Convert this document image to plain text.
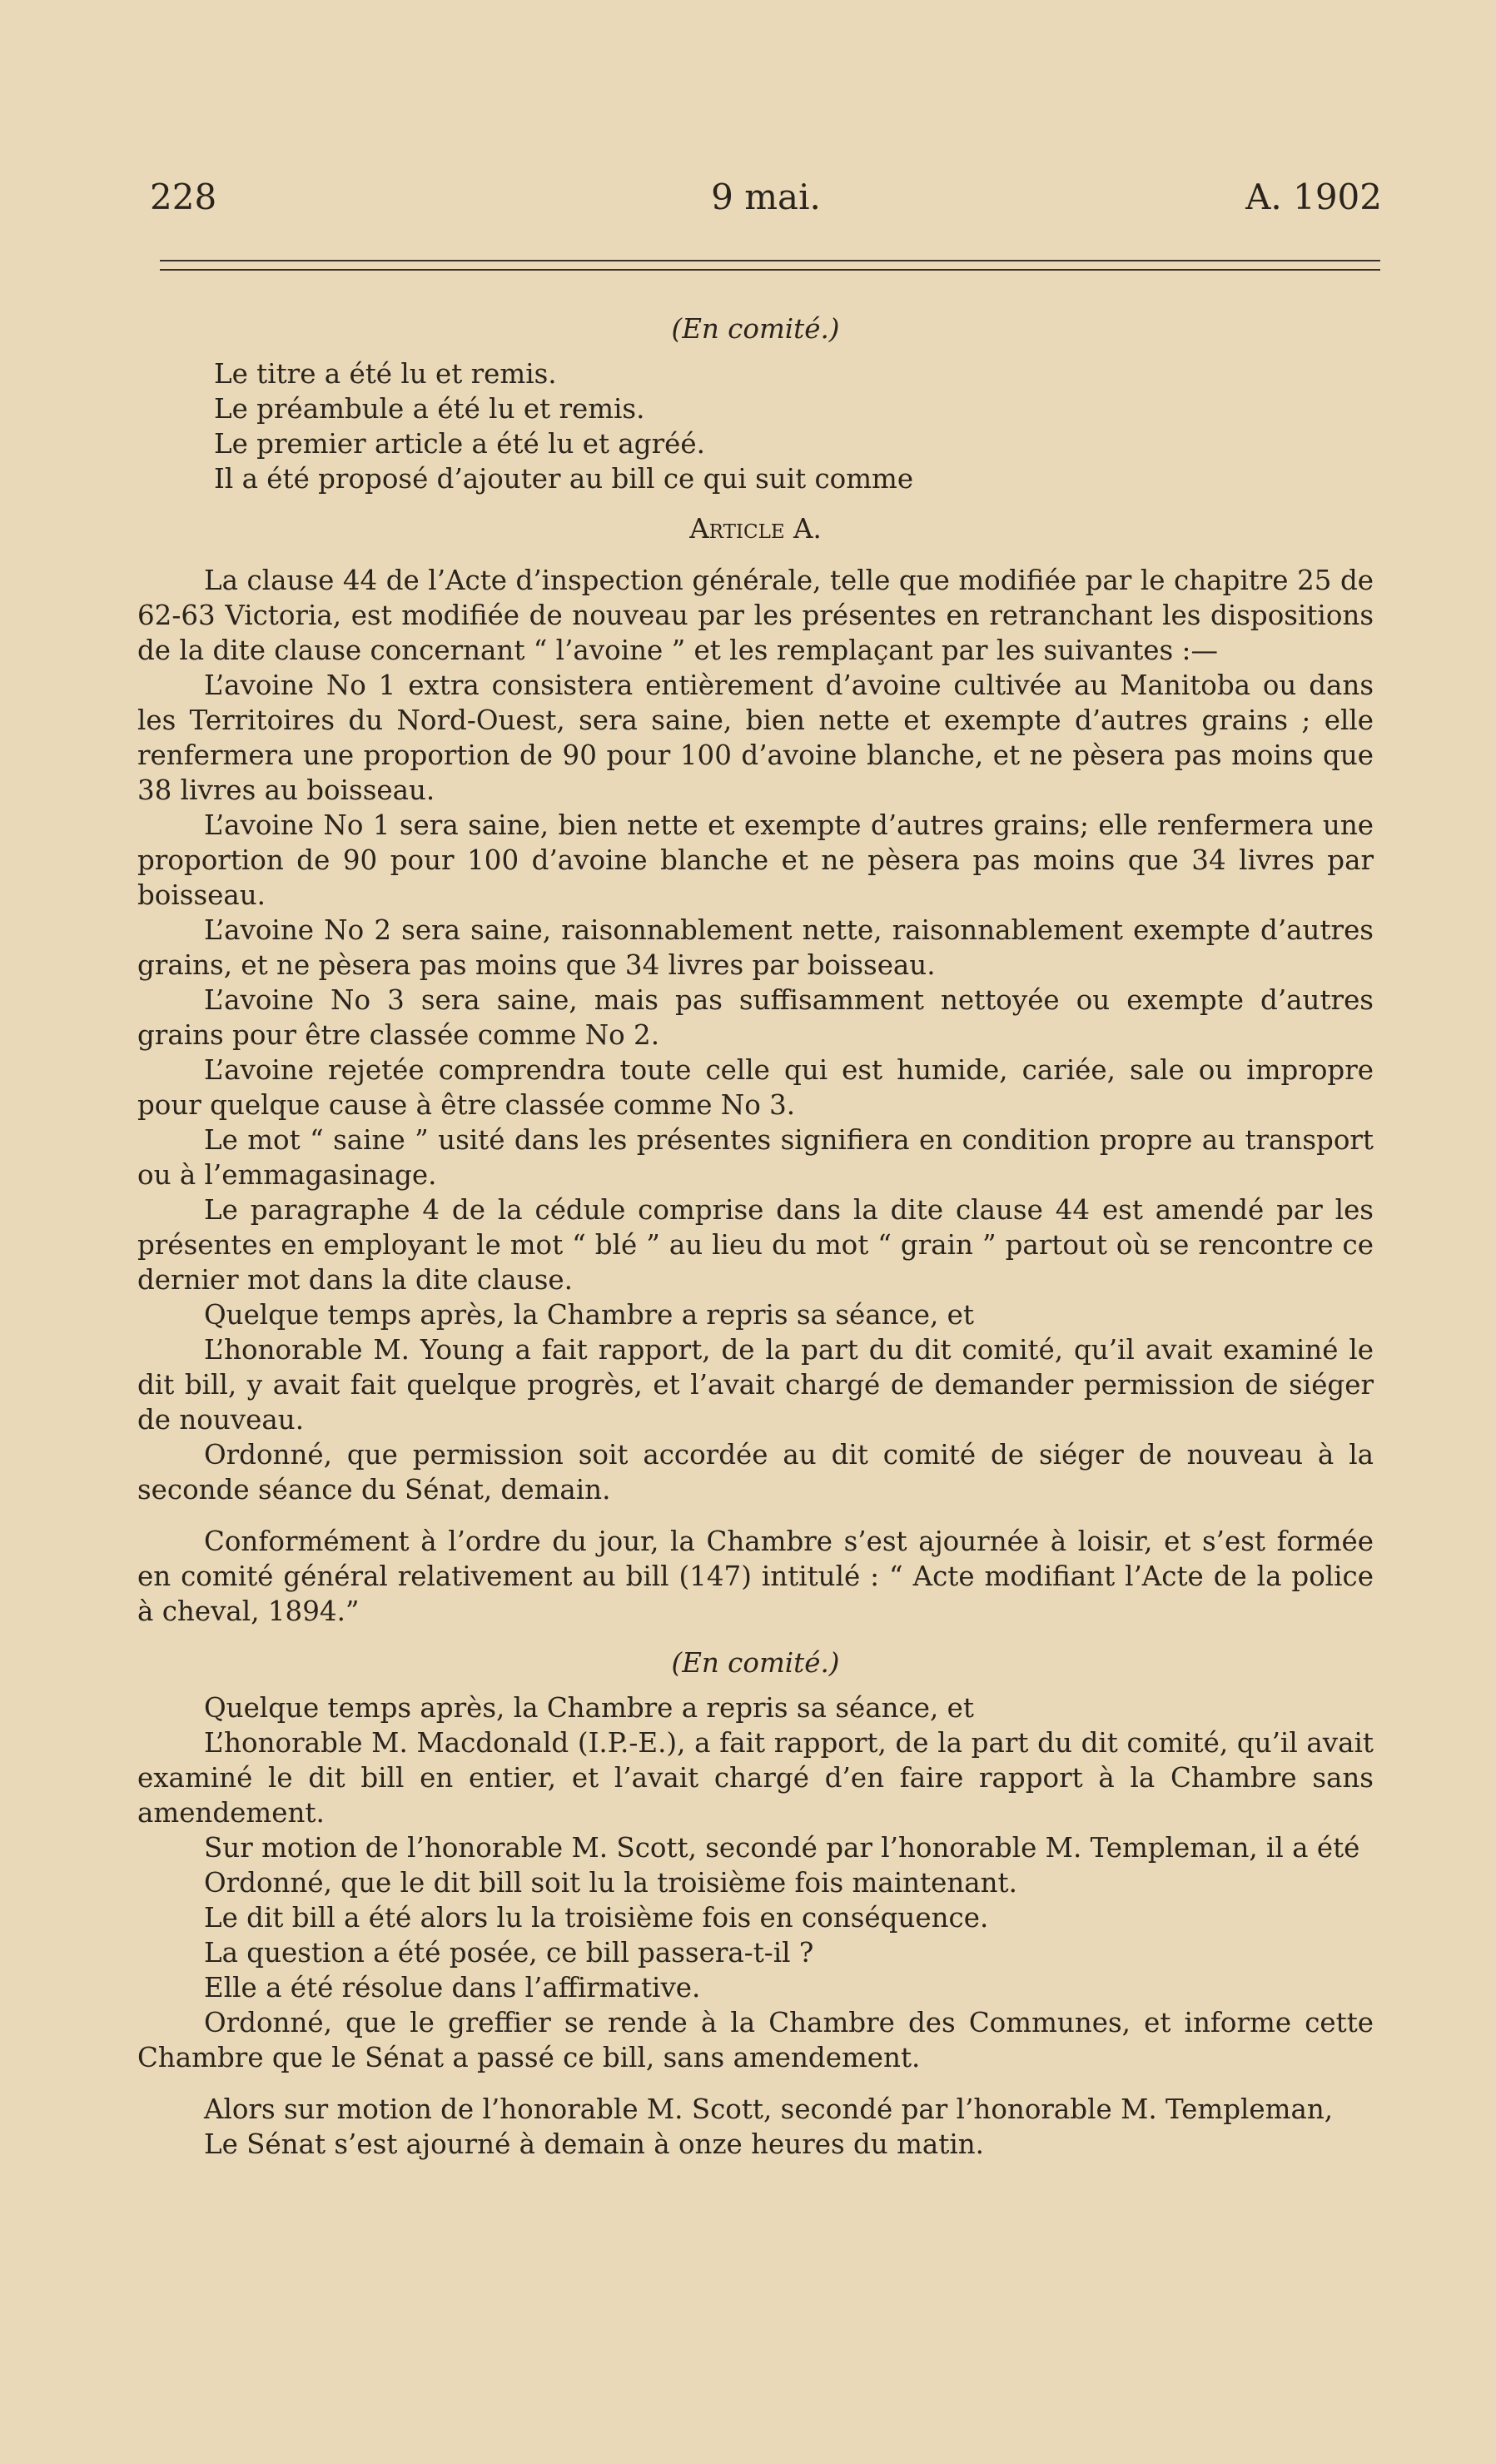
228	9 mai.	A. 1902

(En comité.)

Le titre a été lu et remis.

Le préambule a été lu et remis.

Le premier article a été lu et agréé.

Il a été proposé d’ajouter au bill ce qui suit comme

Article A.

La clause 44 de l’Acte d’inspection générale, telle que modifiée par le chapitre 25 de 62-63 Victoria, est modifiée de nouveau par les présentes en retranchant les dispositions de la dite clause concernant “ l’avoine ” et les remplaçant par les suivantes :—

L’avoine No 1 extra consistera entièrement d’avoine cultivée au Manitoba ou dans les Territoires du Nord-Ouest, sera saine, bien nette et exempte d’autres grains ; elle renfermera une proportion de 90 pour 100 d’avoine blanche, et ne pèsera pas moins que 38 livres au boisseau.

L’avoine No 1 sera saine, bien nette et exempte d’autres grains; elle renfermera une proportion de 90 pour 100 d’avoine blanche et ne pèsera pas moins que 34 livres par boisseau.

L’avoine No 2 sera saine, raisonnablement nette, raisonnablement exempte d’autres grains, et ne pèsera pas moins que 34 livres par boisseau.

L’avoine No 3 sera saine, mais pas suffisamment nettoyée ou exempte d’autres grains pour être classée comme No 2.

L’avoine rejetée comprendra toute celle qui est humide, cariée, sale ou impropre pour quelque cause à être classée comme No 3.

Le mot “ saine ” usité dans les présentes signifiera en condition propre au transport ou à l’emmagasinage.

Le paragraphe 4 de la cédule comprise dans la dite clause 44 est amendé par les présentes en employant le mot “ blé ” au lieu du mot “ grain ” partout où se rencontre ce dernier mot dans la dite clause.

Quelque temps après, la Chambre a repris sa séance, et

L’honorable M. Young a fait rapport, de la part du dit comité, qu’il avait examiné le dit bill, y avait fait quelque progrès, et l’avait chargé de demander permission de siéger de nouveau.

Ordonné, que permission soit accordée au dit comité de siéger de nouveau à la seconde séance du Sénat, demain.

Conformément à l’ordre du jour, la Chambre s’est ajournée à loisir, et s’est formée en comité général relativement au bill (147) intitulé : “ Acte modifiant l’Acte de la police à cheval, 1894.”

(En comité.)

Quelque temps après, la Chambre a repris sa séance, et

L’honorable M. Macdonald (I.P.-E.), a fait rapport, de la part du dit comité, qu’il avait examiné le dit bill en entier, et l’avait chargé d’en faire rapport à la Chambre sans amendement.

Sur motion de l’honorable M. Scott, secondé par l’honorable M. Templeman, il a été

Ordonné, que le dit bill soit lu la troisième fois maintenant.

Le dit bill a été alors lu la troisième fois en conséquence.

La question a été posée, ce bill passera-t-il ?

Elle a été résolue dans l’affirmative.

Ordonné, que le greffier se rende à la Chambre des Communes, et informe cette Chambre que le Sénat a passé ce bill, sans amendement.

Alors sur motion de l’honorable M. Scott, secondé par l’honorable M. Templeman,

Le Sénat s’est ajourné à demain à onze heures du matin.
